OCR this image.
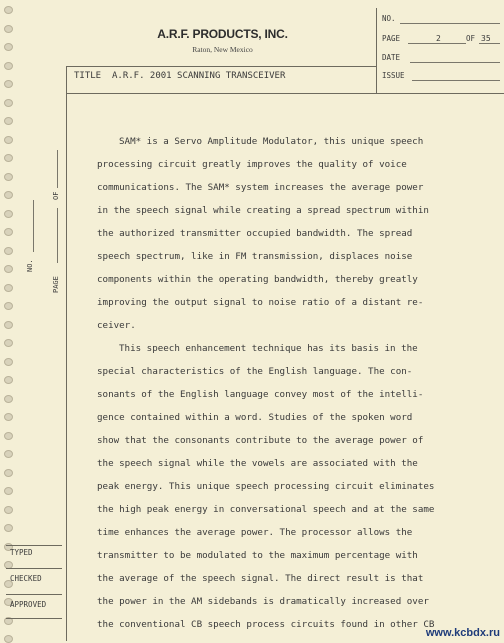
A.R.F. PRODUCTS, INC.
Raton, New Mexico
TITLE A.R.F. 2001 SCANNING TRANSCEIVER
NO.
PAGE	2	OF 35
DATE
ISSUE
NO.
PAGE
OF
TYPED
CHECKED
APPROVED
SAM* is a Servo Amplitude Modulator, this unique speech
processing circuit greatly improves the quality of voice
communications. The SAM* system increases the average power
in the speech signal while creating a spread spectrum within
the authorized transmitter occupied bandwidth. The spread
speech spectrum, like in FM transmission, displaces noise
components within the operating bandwidth, thereby greatly
improving the output signal to noise ratio of a distant re-
ceiver.
This speech enhancement technique has its basis in the
special characteristics of the English language. The con-
sonants of the English language convey most of the intelli-
gence contained within a word. Studies of the spoken word
show that the consonants contribute to the average power of
the speech signal while the vowels are associated with the
peak energy. This unique speech processing circuit eliminates
the high peak energy in conversational speech and at the same
time enhances the average power. The processor allows the
transmitter to be modulated to the maximum percentage with
the average of the speech signal. The direct result is that
the power in the AM sidebands is dramatically increased over
the conventional CB speech process circuits found in other CB
www.kcbdx.ru
